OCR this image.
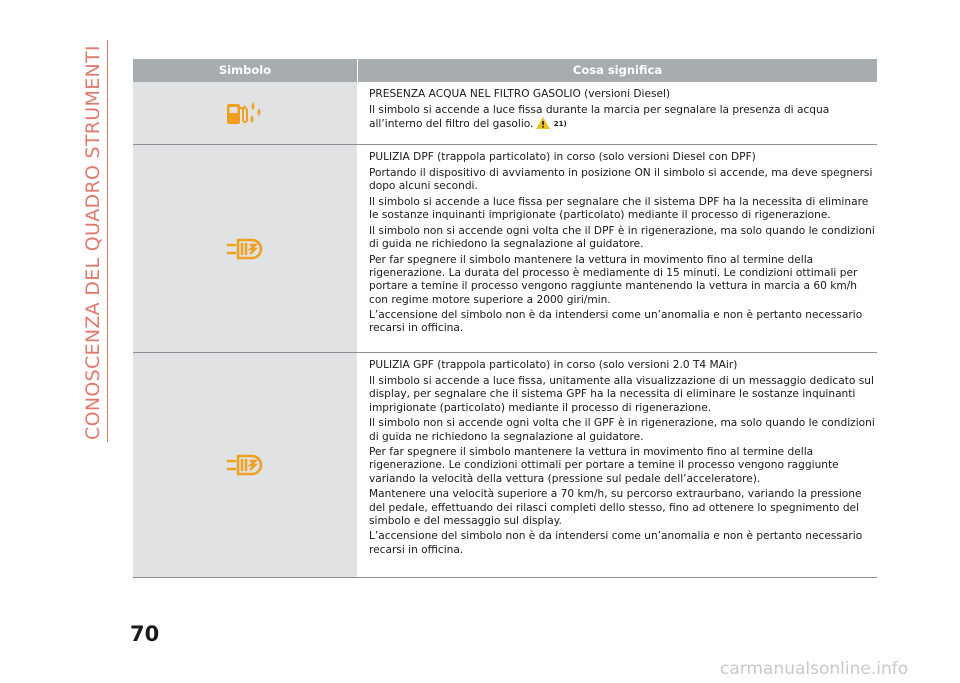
CONOSCENZA DEL QUADRO STRUMENTI	Simbolo	Cosa significa

PRESENZA ACQUA NEL FILTRO GASOLIO (versioni Diesel)

Il simbolo si accende a luce fissa durante la marcia per segnalare la presenza di acqua all’interno del filtro del gasolio.	21)

PULIZIA DPF (trappola particolato) in corso (solo versioni Diesel con DPF)

Portando il dispositivo di avviamento in posizione ON il simbolo si accende, ma deve spegnersi dopo alcuni secondi.

Il simbolo si accende a luce fissa per segnalare che il sistema DPF ha la necessita di eliminare le sostanze inquinanti imprigionate (particolato) mediante il processo di rigenerazione.

Il simbolo non si accende ogni volta che il DPF è in rigenerazione, ma solo quando le condizioni di guida ne richiedono la segnalazione al guidatore.

Per far spegnere il simbolo mantenere la vettura in movimento fino al termine della rigenerazione. La durata del processo è mediamente di 15 minuti. Le condizioni ottimali per portare a temine il processo vengono raggiunte mantenendo la vettura in marcia a 60 km/h con regime motore superiore a 2000 giri/min.

L’accensione del simbolo non è da intendersi come un’anomalia e non è pertanto necessario recarsi in officina.

PULIZIA GPF (trappola particolato) in corso (solo versioni 2.0 T4 MAir)

Il simbolo si accende a luce fissa, unitamente alla visualizzazione di un messaggio dedicato sul display, per segnalare che il sistema GPF ha la necessita di eliminare le sostanze inquinanti imprigionate (particolato) mediante il processo di rigenerazione.

Il simbolo non si accende ogni volta che il GPF è in rigenerazione, ma solo quando le condizioni di guida ne richiedono la segnalazione al guidatore.

Per far spegnere il simbolo mantenere la vettura in movimento fino al termine della rigenerazione. Le condizioni ottimali per portare a temine il processo vengono raggiunte variando la velocità della vettura (pressione sul pedale dell’acceleratore).

Mantenere una velocità superiore a 70 km/h, su percorso extraurbano, variando la pressione del pedale, effettuando dei rilasci completi dello stesso, fino ad ottenere lo spegnimento del simbolo e del messaggio sul display.

L’accensione del simbolo non è da intendersi come un’anomalia e non è pertanto necessario recarsi in officina.

70
carmanualsonline.info
